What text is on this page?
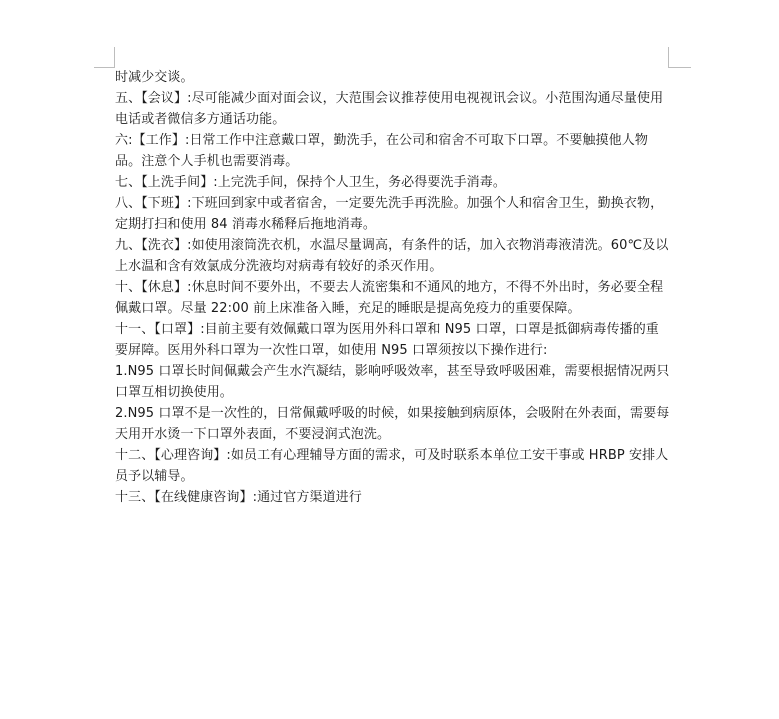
时减少交谈。

五、【会议】:尽可能减少面对面会议，大范围会议推荐使用电视视讯会议。小范围沟通尽量使用电话或者微信多方通话功能。

六:【工作】:日常工作中注意戴口罩，勤洗手，在公司和宿舍不可取下口罩。不要触摸他人物品。注意个人手机也需要消毒。

七、【上洗手间】:上完洗手间，保持个人卫生，务必得要洗手消毒。

八、【下班】:下班回到家中或者宿舍，一定要先洗手再洗脸。加强个人和宿舍卫生，勤换衣物，定期打扫和使用 84 消毒水稀释后拖地消毒。

九、【洗衣】:如使用滚筒洗衣机，水温尽量调高，有条件的话，加入衣物消毒液清洗。60℃及以上水温和含有效氯成分洗液均对病毒有较好的杀灭作用。

十、【休息】:休息时间不要外出，不要去人流密集和不通风的地方，不得不外出时，务必要全程佩戴口罩。尽量 22:00 前上床准备入睡，充足的睡眠是提高免疫力的重要保障。

十一、【口罩】:目前主要有效佩戴口罩为医用外科口罩和 N95 口罩，口罩是抵御病毒传播的重要屏障。医用外科口罩为一次性口罩，如使用 N95 口罩须按以下操作进行:

1.N95 口罩长时间佩戴会产生水汽凝结，影响呼吸效率，甚至导致呼吸困难，需要根据情况两只口罩互相切换使用。

2.N95 口罩不是一次性的，日常佩戴呼吸的时候，如果接触到病原体，会吸附在外表面，需要每天用开水烫一下口罩外表面，不要浸润式泡洗。

十二、【心理咨询】:如员工有心理辅导方面的需求，可及时联系本单位工安干事或 HRBP 安排人员予以辅导。

十三、【在线健康咨询】:通过官方渠道进行
